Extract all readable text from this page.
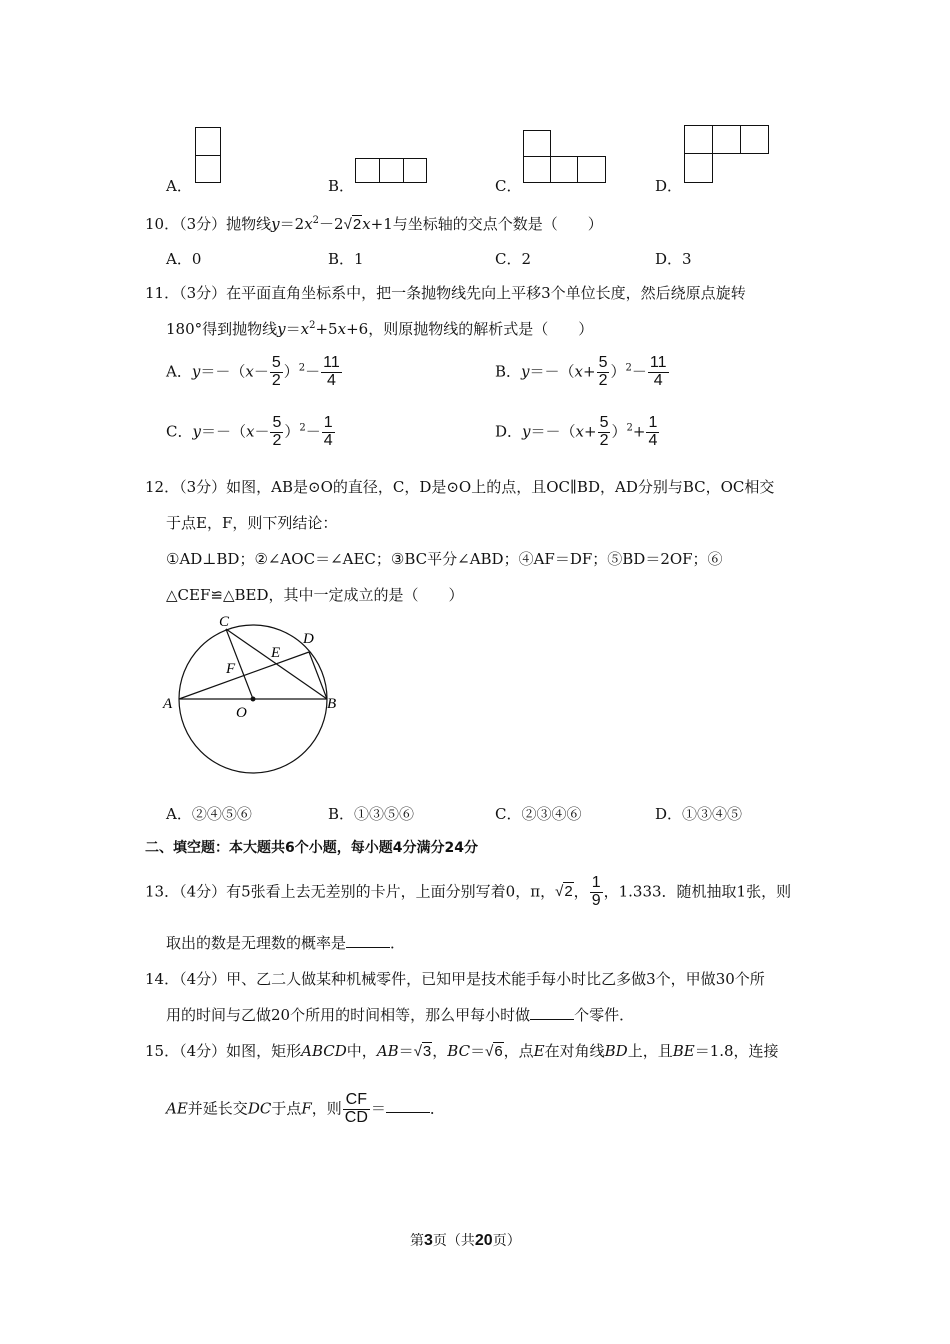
A．	B．	C．	D．
10．（3分）抛物线$y=2x^2-2√2x+1$与坐标轴的交点个数是（　　）
A．0	B．1	C．2	D．3
11．（3分）在平面直角坐标系中，把一条抛物线先向上平移3个单位长度，然后绕原点旋转
180°得到抛物线$y=x^2+5x+6$，则原抛物线的解析式是（　　）
A．$y=-(x- \frac{5}{2} )^2- \frac{11}{4}$	B．$y=-(x+ \frac{5}{2} )^2- \frac{11}{4}$
C．$y=-(x- \frac{5}{2} )^2- \frac{1}{4}$	D．$y=-(x+ \frac{5}{2} )^2+ \frac{1}{4}$
12．（3分）如图，AB是⊙O的直径，C，D是⊙O上的点，且OC∥BD，AD分别与BC，OC相交
于点E，F，则下列结论：
①AD⊥BD；②∠AOC＝∠AEC；③BC平分∠ABD；④AF＝DF；⑤BD＝2OF；⑥
△CEF≌△BED，其中一定成立的是（　　）
C
D
E
F
A	B
O
A．②④⑤⑥	B．①③⑤⑥	C．②③④⑥	D．①③④⑤
二、填空题：本大题共6个小题，每小题4分满分24分
13．（4分）有5张看上去无差别的卡片，上面分别写着0，π，√2， $\frac{1}{9}$ ，1.333．随机抽取1张，则
取出的数是无理数的概率是	．
14．（4分）甲、乙二人做某种机械零件，已知甲是技术能手每小时比乙多做3个，甲做30个所
用的时间与乙做20个所用的时间相等，那么甲每小时做	个零件．
15．（4分）如图，矩形ABCD中，AB＝√3，BC＝√6，点E在对角线BD上，且BE＝1.8，连接
AE并延长交DC于点F，则 $\frac{CF}{CD}$ ＝	．
第3页（共20页）
